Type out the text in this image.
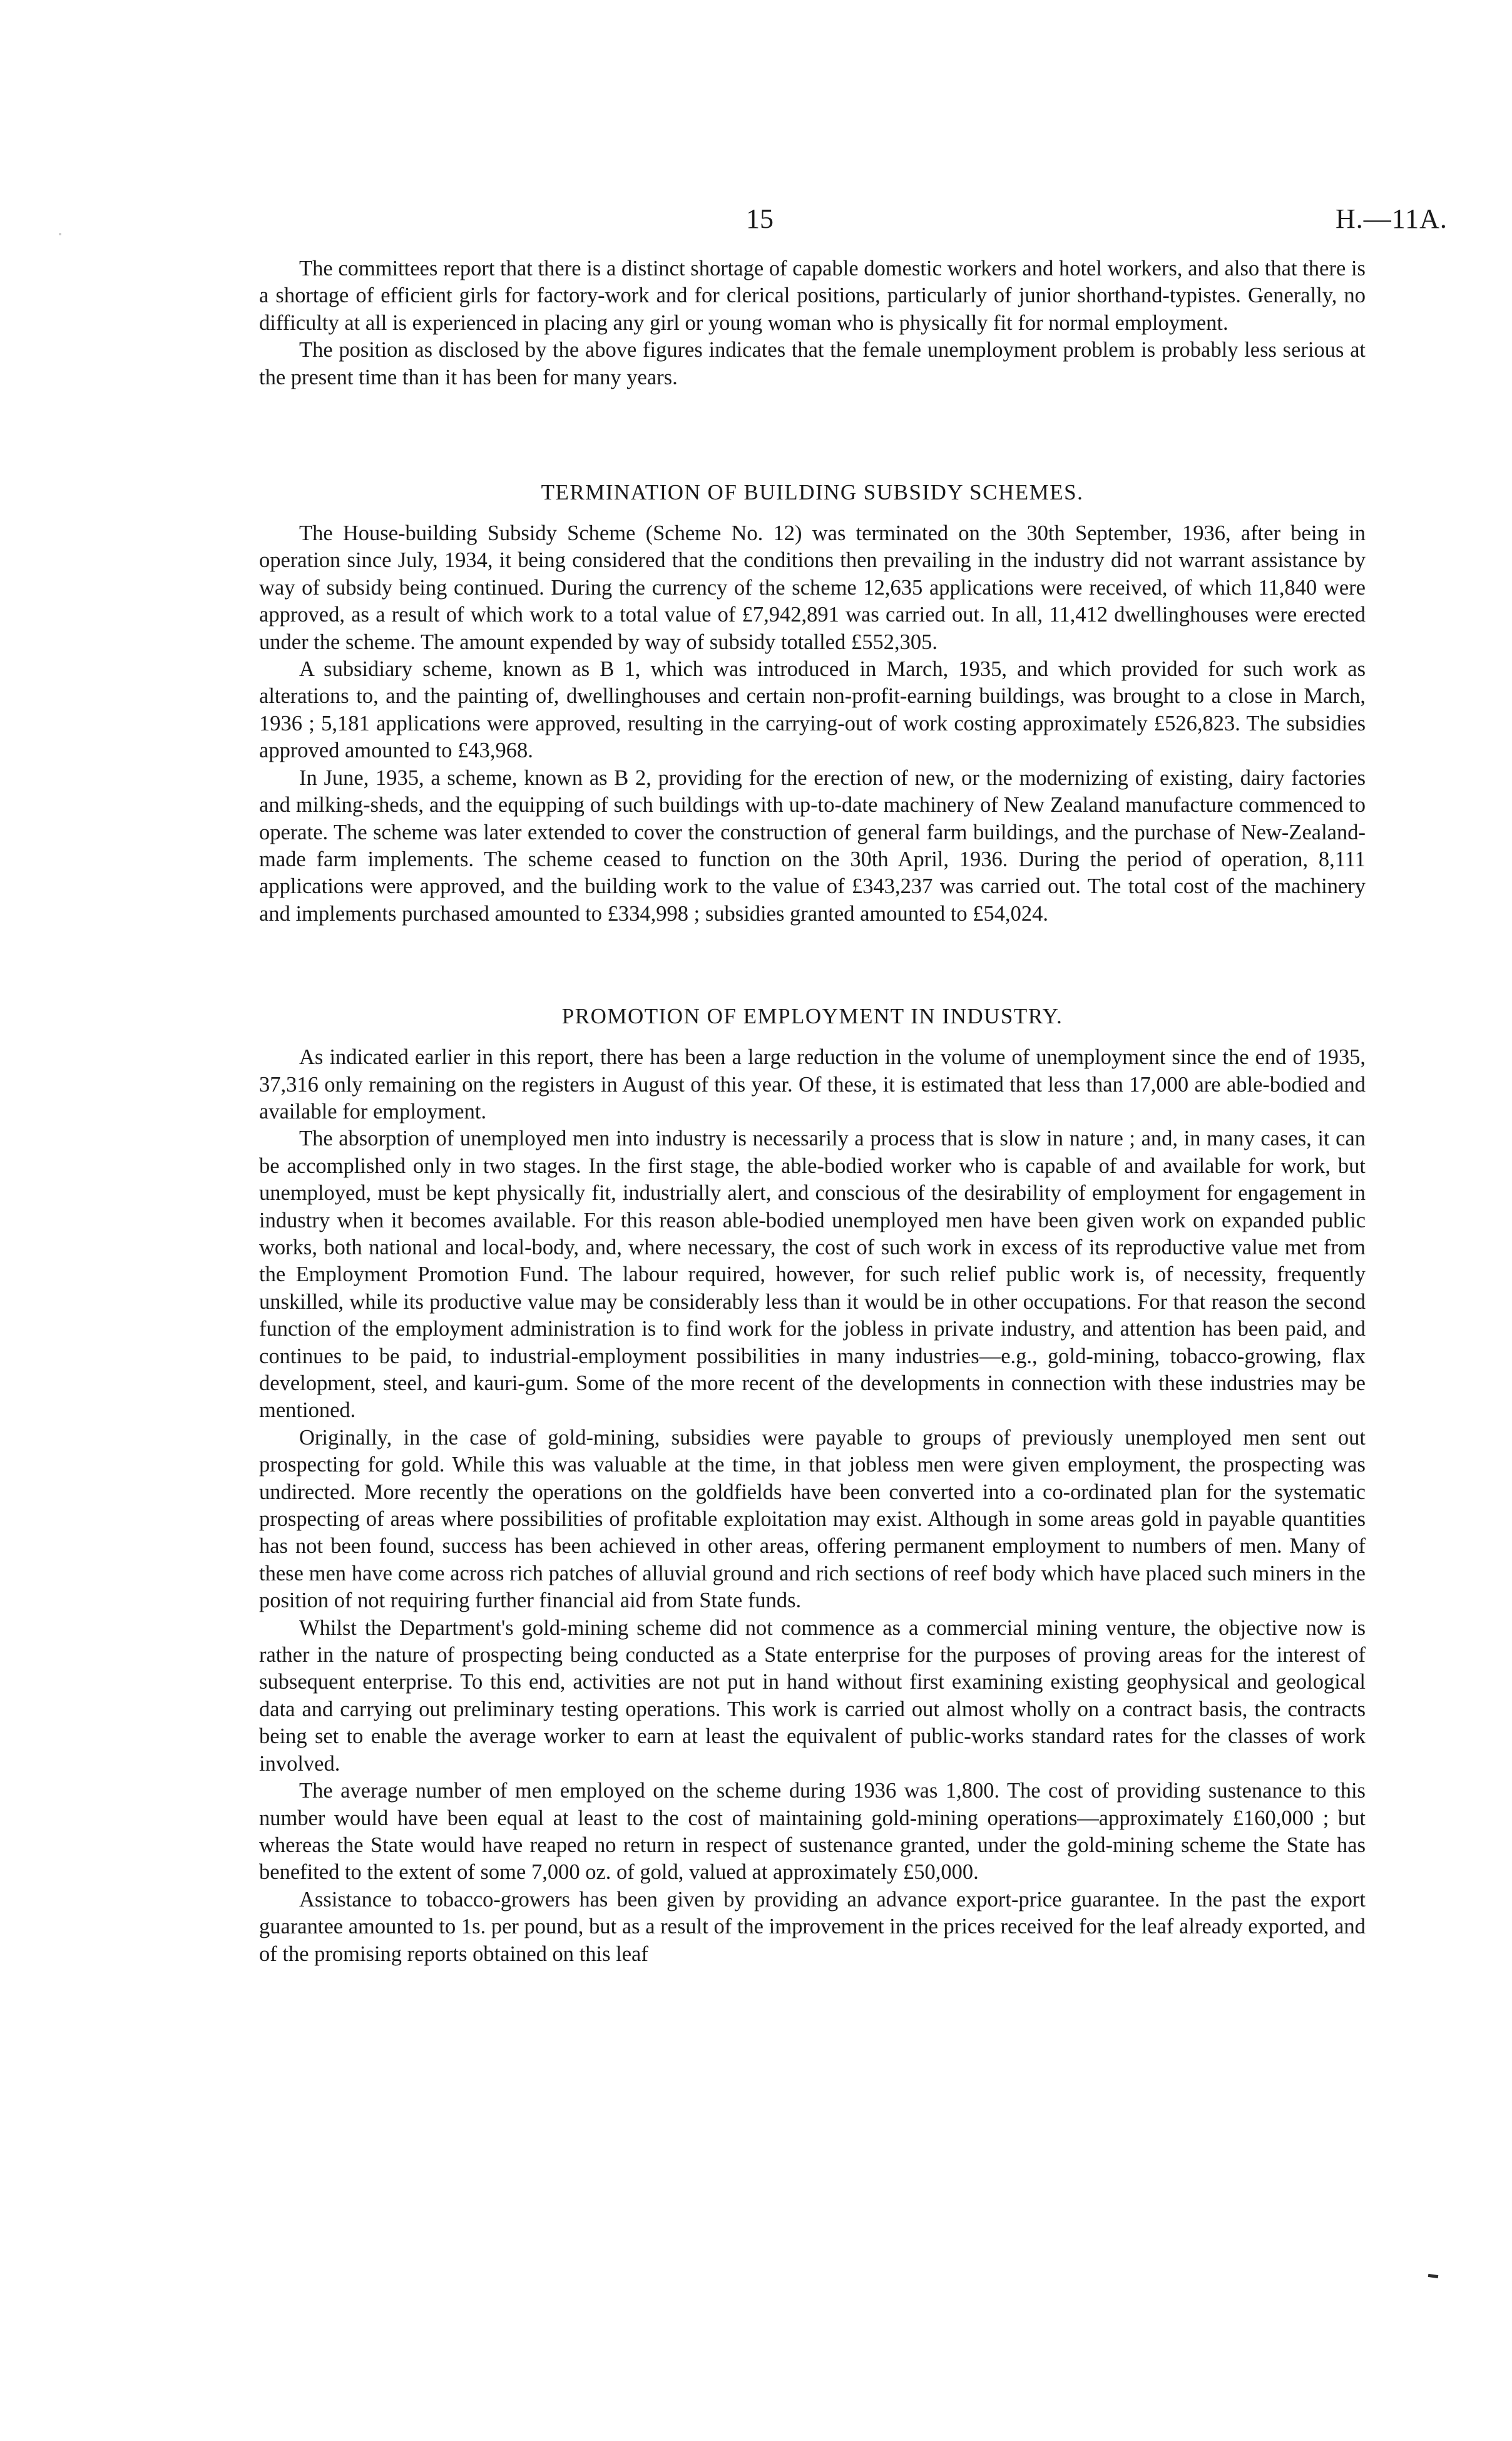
15	H.—11A.

The committees report that there is a distinct shortage of capable domestic workers and hotel workers, and also that there is a shortage of efficient girls for factory-work and for clerical positions, particularly of junior shorthand-typistes. Generally, no difficulty at all is experienced in placing any girl or young woman who is physically fit for normal employment.

The position as disclosed by the above figures indicates that the female unemployment problem is probably less serious at the present time than it has been for many years.

TERMINATION OF BUILDING SUBSIDY SCHEMES.

The House-building Subsidy Scheme (Scheme No. 12) was terminated on the 30th September, 1936, after being in operation since July, 1934, it being considered that the conditions then prevailing in the industry did not warrant assistance by way of subsidy being continued. During the currency of the scheme 12,635 applications were received, of which 11,840 were approved, as a result of which work to a total value of £7,942,891 was carried out. In all, 11,412 dwellinghouses were erected under the scheme. The amount expended by way of subsidy totalled £552,305.

A subsidiary scheme, known as B 1, which was introduced in March, 1935, and which provided for such work as alterations to, and the painting of, dwellinghouses and certain non-profit-earning buildings, was brought to a close in March, 1936 ; 5,181 applications were approved, resulting in the carrying-out of work costing approximately £526,823. The subsidies approved amounted to £43,968.

In June, 1935, a scheme, known as B 2, providing for the erection of new, or the modernizing of existing, dairy factories and milking-sheds, and the equipping of such buildings with up-to-date machinery of New Zealand manufacture commenced to operate. The scheme was later extended to cover the construction of general farm buildings, and the purchase of New-Zealand-made farm implements. The scheme ceased to function on the 30th April, 1936. During the period of operation, 8,111 applications were approved, and the building work to the value of £343,237 was carried out. The total cost of the machinery and implements purchased amounted to £334,998 ; subsidies granted amounted to £54,024.

PROMOTION OF EMPLOYMENT IN INDUSTRY.

As indicated earlier in this report, there has been a large reduction in the volume of unemployment since the end of 1935, 37,316 only remaining on the registers in August of this year. Of these, it is estimated that less than 17,000 are able-bodied and available for employment.

The absorption of unemployed men into industry is necessarily a process that is slow in nature ; and, in many cases, it can be accomplished only in two stages. In the first stage, the able-bodied worker who is capable of and available for work, but unemployed, must be kept physically fit, industrially alert, and conscious of the desirability of employment for engagement in industry when it becomes available. For this reason able-bodied unemployed men have been given work on expanded public works, both national and local-body, and, where necessary, the cost of such work in excess of its reproductive value met from the Employment Promotion Fund. The labour required, however, for such relief public work is, of necessity, frequently unskilled, while its productive value may be considerably less than it would be in other occupations. For that reason the second function of the employment administration is to find work for the jobless in private industry, and attention has been paid, and continues to be paid, to industrial-employment possibilities in many industries—e.g., gold-mining, tobacco-growing, flax development, steel, and kauri-gum. Some of the more recent of the developments in connection with these industries may be mentioned.

Originally, in the case of gold-mining, subsidies were payable to groups of previously unemployed men sent out prospecting for gold. While this was valuable at the time, in that jobless men were given employment, the prospecting was undirected. More recently the operations on the goldfields have been converted into a co-ordinated plan for the systematic prospecting of areas where possibilities of profitable exploitation may exist. Although in some areas gold in payable quantities has not been found, success has been achieved in other areas, offering permanent employment to numbers of men. Many of these men have come across rich patches of alluvial ground and rich sections of reef body which have placed such miners in the position of not requiring further financial aid from State funds.

Whilst the Department's gold-mining scheme did not commence as a commercial mining venture, the objective now is rather in the nature of prospecting being conducted as a State enterprise for the purposes of proving areas for the interest of subsequent enterprise. To this end, activities are not put in hand without first examining existing geophysical and geological data and carrying out preliminary testing operations. This work is carried out almost wholly on a contract basis, the contracts being set to enable the average worker to earn at least the equivalent of public-works standard rates for the classes of work involved.

The average number of men employed on the scheme during 1936 was 1,800. The cost of providing sustenance to this number would have been equal at least to the cost of maintaining gold-mining operations—approximately £160,000 ; but whereas the State would have reaped no return in respect of sustenance granted, under the gold-mining scheme the State has benefited to the extent of some 7,000 oz. of gold, valued at approximately £50,000.

Assistance to tobacco-growers has been given by providing an advance export-price guarantee. In the past the export guarantee amounted to 1s. per pound, but as a result of the improvement in the prices received for the leaf already exported, and of the promising reports obtained on this leaf
